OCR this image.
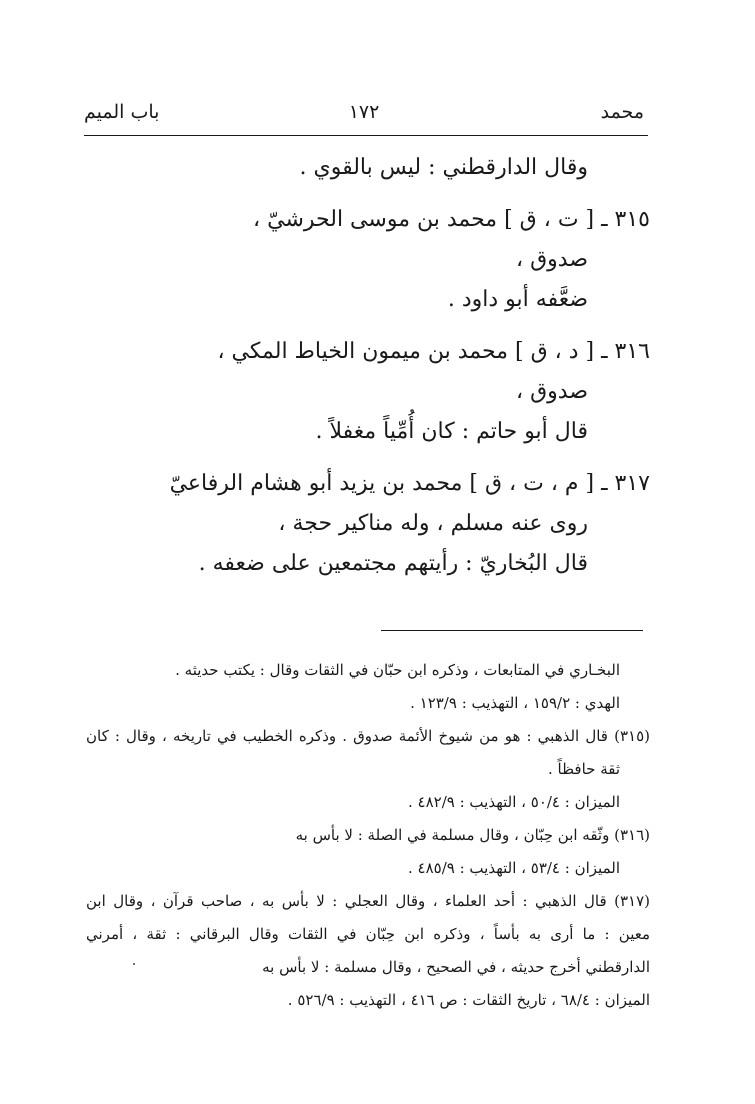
محمد
١٧٢
باب الميم
وقال الدارقطني : ليس بالقوي .
٣١٥ ـ [ ت ، ق ] محمد بن موسى الحرشيّ ،
صدوق ،
ضعَّفه أبو داود .
٣١٦ ـ [ د ، ق ] محمد بن ميمون الخياط المكي ،
صدوق ،
قال أبو حاتم : كان أُمِّياً مغفلاً .
٣١٧ ـ [ م ، ت ، ق ] محمد بن يزيد أبو هشام الرفاعيّ
روى عنه مسلم ، وله مناكير حجة ،
قال البُخاريّ : رأيتهم مجتمعين على ضعفه .
البخـاري في المتابعات ، وذكره ابن حبّان في الثقات وقال : يكتب حديثه .
الهدي : ١٥٩/٢ ، التهذيب : ١٢٣/٩ .
(٣١٥) قال الذهبي : هو من شيوخ الأئمة صدوق . وذكره الخطيب في تاريخه ، وقال : كان
ثقة حافظاً .
الميزان : ٥٠/٤ ، التهذيب : ٤٨٢/٩ .
(٣١٦) وثّقه ابن حِبّان ، وقال مسلمة في الصلة : لا بأس به
الميزان : ٥٣/٤ ، التهذيب : ٤٨٥/٩ .
(٣١٧) قال الذهبي : أحد العلماء ، وقال العجلي : لا بأس به ، صاحب قرآن ، وقال ابن
معين : ما أرى به بأساً ، وذكره ابن حِبّان في الثقات وقال البرقاني : ثقة ، أمرني
الدارقطني أخرج حديثه ، في الصحيح ، وقال مسلمة : لا بأس به
الميزان : ٦٨/٤ ، تاريخ الثقات : ص ٤١٦ ، التهذيب : ٥٢٦/٩ .
